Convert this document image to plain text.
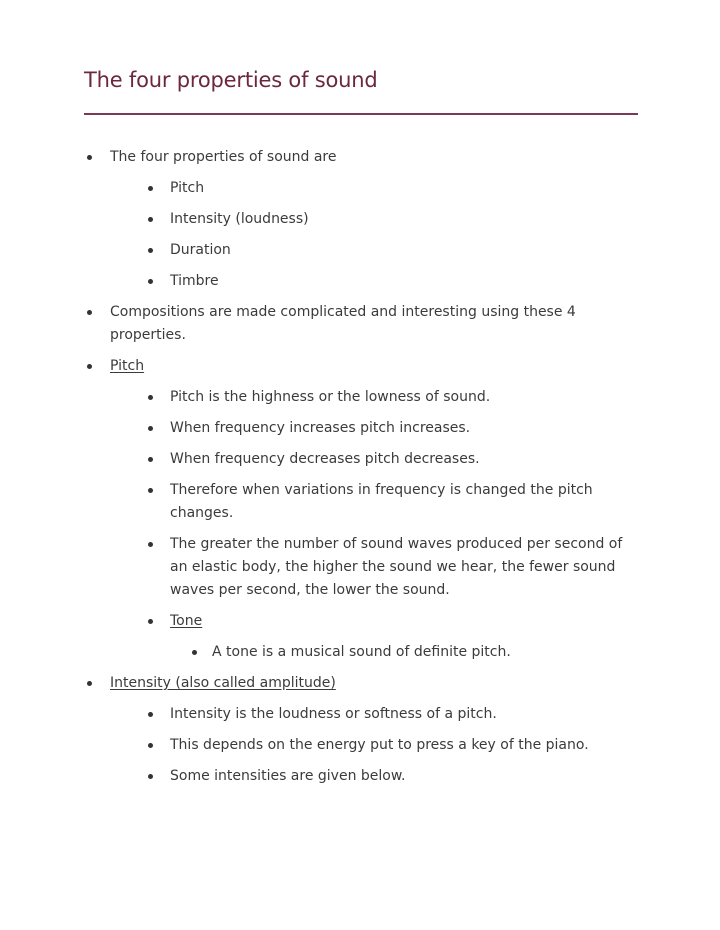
The four properties of sound
The four properties of sound are
Pitch
Intensity (loudness)
Duration
Timbre
Compositions are made complicated and interesting using these 4 properties.
Pitch
Pitch is the highness or the lowness of sound.
When frequency increases pitch increases.
When frequency decreases pitch decreases.
Therefore when variations in frequency is changed the pitch changes.
The greater the number of sound waves produced per second of an elastic body, the higher the sound we hear, the fewer sound waves per second, the lower the sound.
Tone
A tone is a musical sound of definite pitch.
Intensity (also called amplitude)
Intensity is the loudness or softness of a pitch.
This depends on the energy put to press a key of the piano.
Some intensities are given below.
